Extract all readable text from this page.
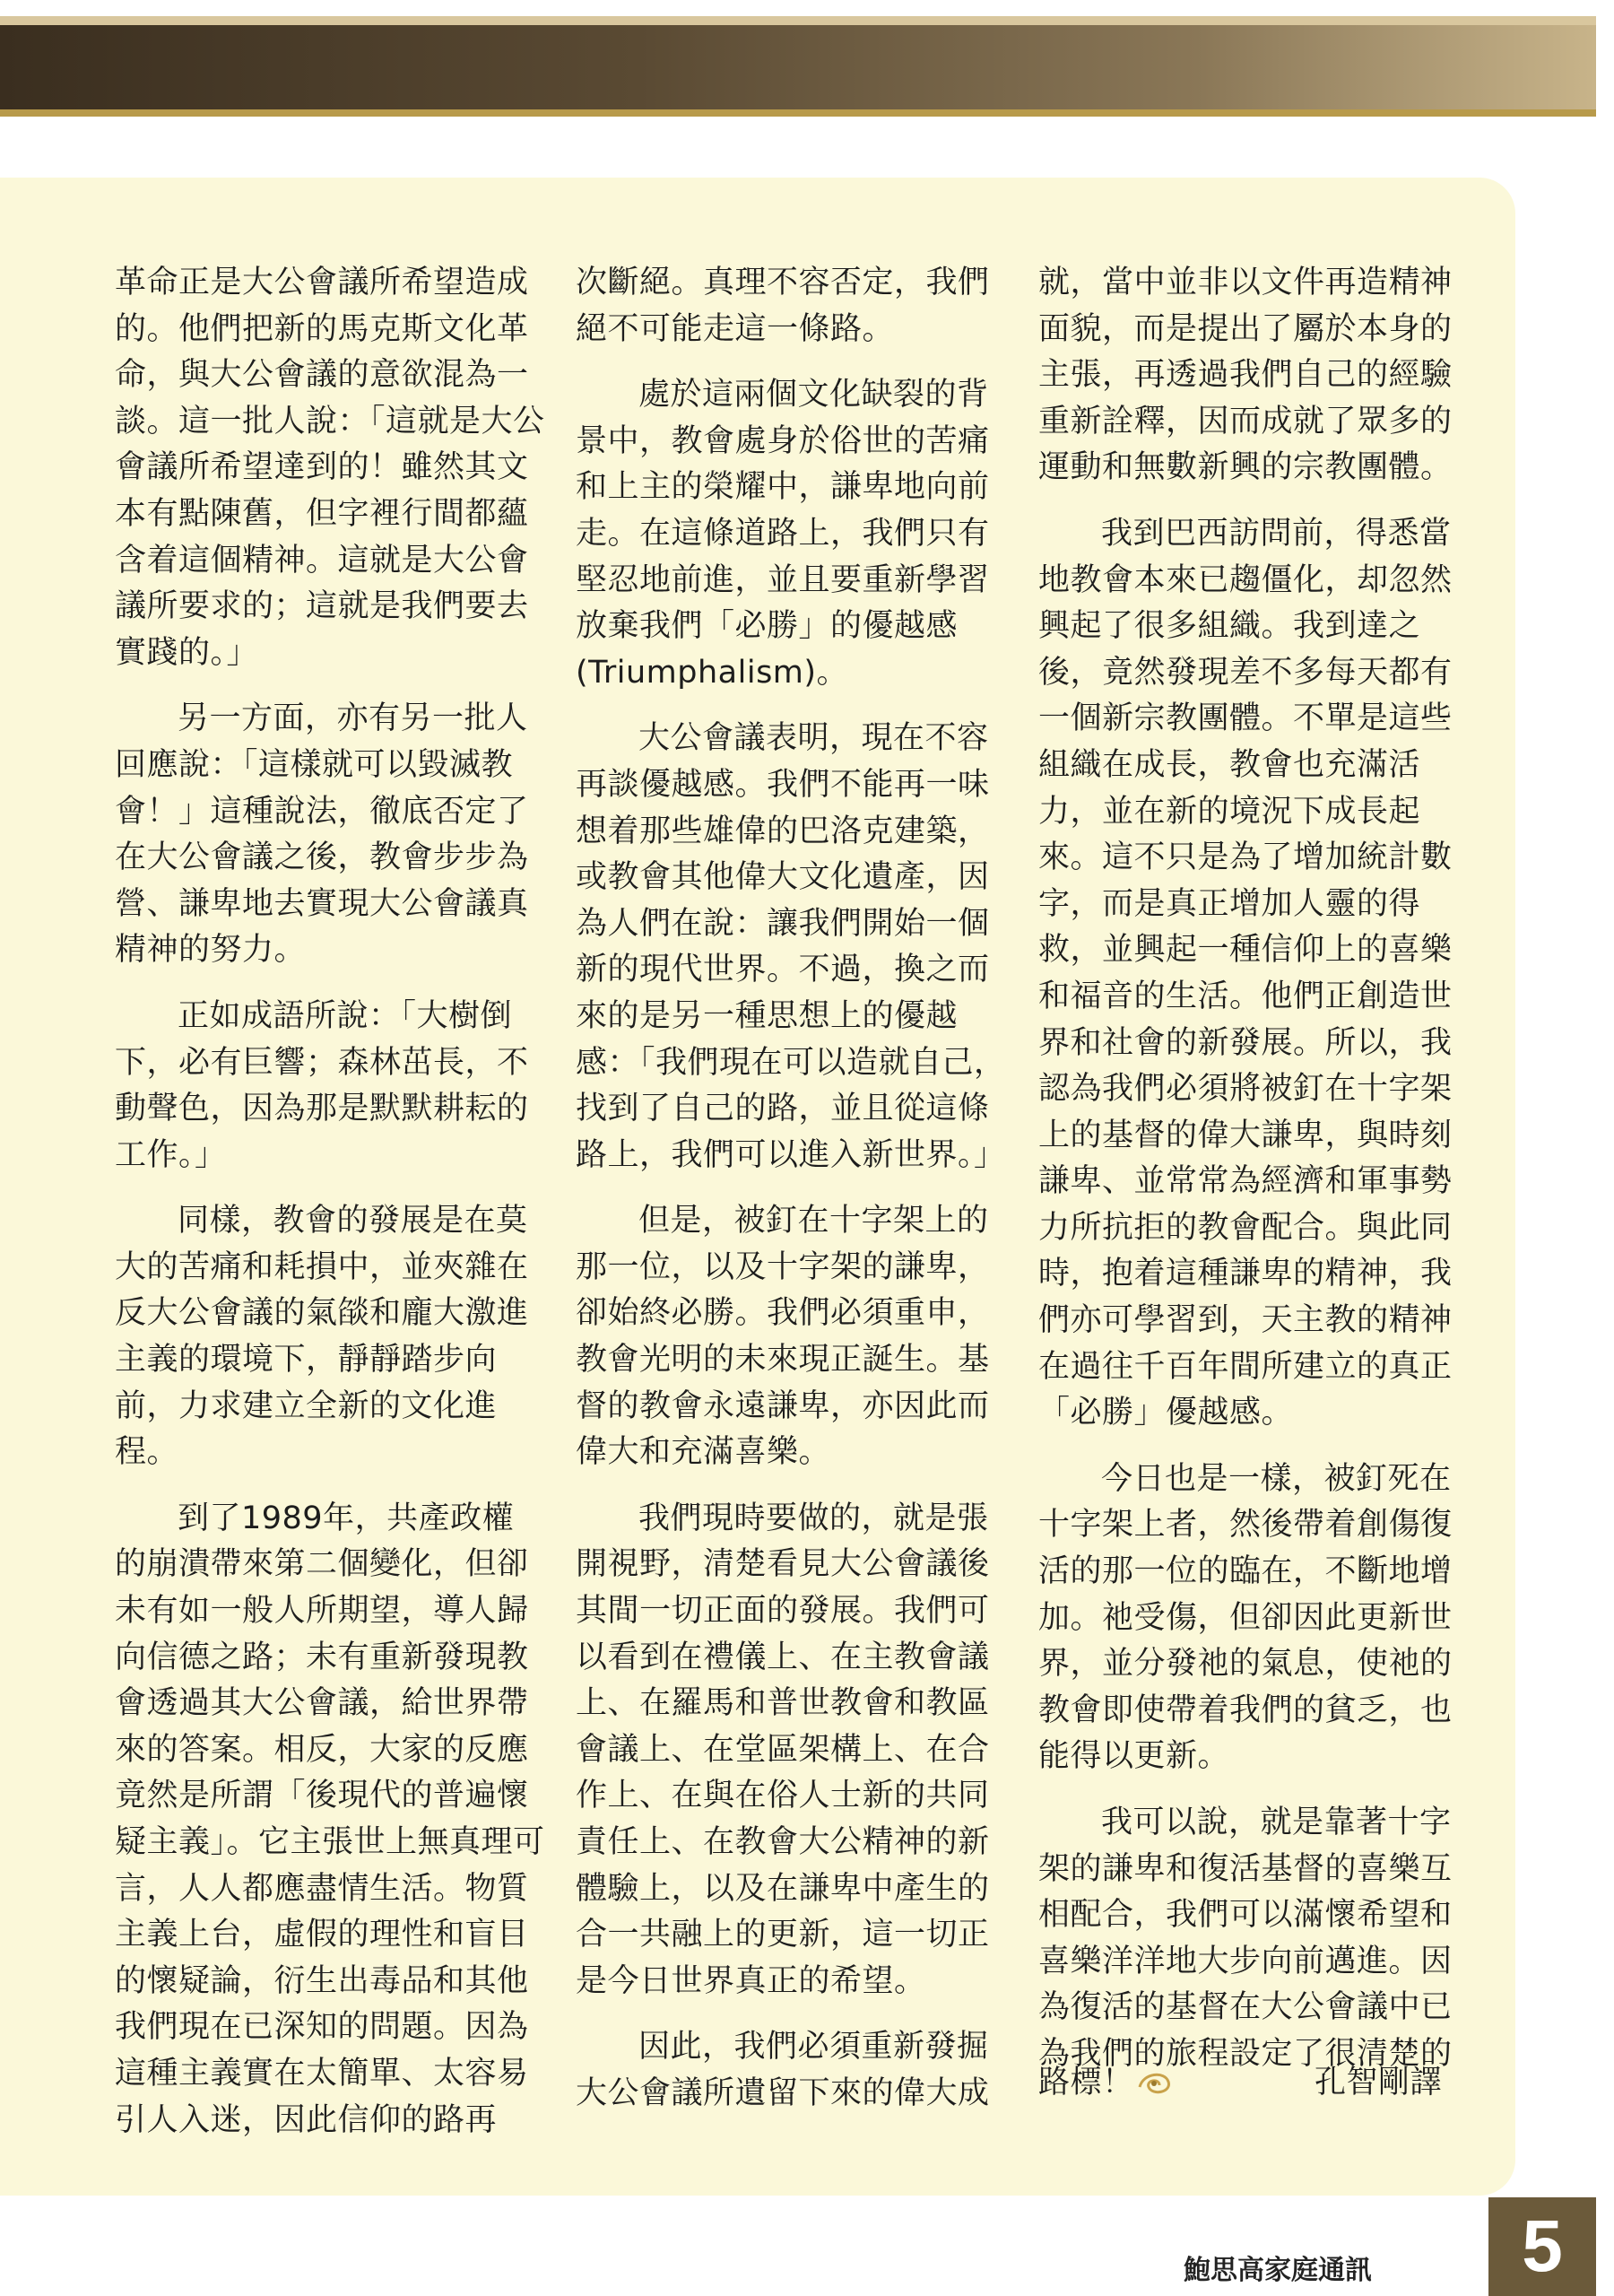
革命正是大公會議所希望造成的。他們把新的馬克斯文化革命，與大公會議的意欲混為一談。這一批人說：「這就是大公會議所希望達到的！雖然其文本有點陳舊，但字裡行間都蘊含着這個精神。這就是大公會議所要求的；這就是我們要去實踐的。」

另一方面，亦有另一批人回應說：「這樣就可以毀滅教會！」這種說法，徹底否定了在大公會議之後，教會步步為營、謙卑地去實現大公會議真精神的努力。

正如成語所說：「大樹倒下，必有巨響；森林茁長，不動聲色，因為那是默默耕耘的工作。」

同樣，教會的發展是在莫大的苦痛和耗損中，並夾雜在反大公會議的氣燄和龐大激進主義的環境下，靜靜踏步向前，力求建立全新的文化進程。

到了1989年，共產政權的崩潰帶來第二個變化，但卻未有如一般人所期望，導人歸向信德之路；未有重新發現教會透過其大公會議，給世界帶來的答案。相反，大家的反應竟然是所謂「後現代的普遍懷疑主義」。它主張世上無真理可言，人人都應盡情生活。物質主義上台，虛假的理性和盲目的懷疑論，衍生出毒品和其他我們現在已深知的問題。因為這種主義實在太簡單、太容易引人入迷，因此信仰的路再

次斷絕。真理不容否定，我們絕不可能走這一條路。

處於這兩個文化缺裂的背景中，教會處身於俗世的苦痛和上主的榮耀中，謙卑地向前走。在這條道路上，我們只有堅忍地前進，並且要重新學習放棄我們「必勝」的優越感(Triumphalism)。

大公會議表明，現在不容再談優越感。我們不能再一味想着那些雄偉的巴洛克建築，或教會其他偉大文化遺產，因為人們在說：讓我們開始一個新的現代世界。不過，換之而來的是另一種思想上的優越感：「我們現在可以造就自己，找到了自己的路，並且從這條路上，我們可以進入新世界。」

但是，被釘在十字架上的那一位，以及十字架的謙卑，卻始終必勝。我們必須重申，教會光明的未來現正誕生。基督的教會永遠謙卑，亦因此而偉大和充滿喜樂。

我們現時要做的，就是張開視野，清楚看見大公會議後其間一切正面的發展。我們可以看到在禮儀上、在主教會議上、在羅馬和普世教會和教區會議上、在堂區架構上、在合作上、在與在俗人士新的共同責任上、在教會大公精神的新體驗上，以及在謙卑中產生的合一共融上的更新，這一切正是今日世界真正的希望。

因此，我們必須重新發掘大公會議所遺留下來的偉大成

就，當中並非以文件再造精神面貌，而是提出了屬於本身的主張，再透過我們自己的經驗重新詮釋，因而成就了眾多的運動和無數新興的宗教團體。

我到巴西訪問前，得悉當地教會本來已趨僵化，却忽然興起了很多組織。我到達之後，竟然發現差不多每天都有一個新宗教團體。不單是這些組織在成長，教會也充滿活力，並在新的境況下成長起來。這不只是為了增加統計數字，而是真正增加人靈的得救，並興起一種信仰上的喜樂和福音的生活。他們正創造世界和社會的新發展。所以，我認為我們必須將被釘在十字架上的基督的偉大謙卑，與時刻謙卑、並常常為經濟和軍事勢力所抗拒的教會配合。與此同時，抱着這種謙卑的精神，我們亦可學習到，天主教的精神在過往千百年間所建立的真正「必勝」優越感。

今日也是一樣，被釘死在十字架上者，然後帶着創傷復活的那一位的臨在，不斷地增加。祂受傷，但卻因此更新世界，並分發祂的氣息，使祂的教會即使帶着我們的貧乏，也能得以更新。

我可以說，就是靠著十字架的謙卑和復活基督的喜樂互相配合，我們可以滿懷希望和喜樂洋洋地大步向前邁進。因為復活的基督在大公會議中已為我們的旅程設定了很清楚的

路標！	孔智剛譯
鮑思高家庭通訊 5
